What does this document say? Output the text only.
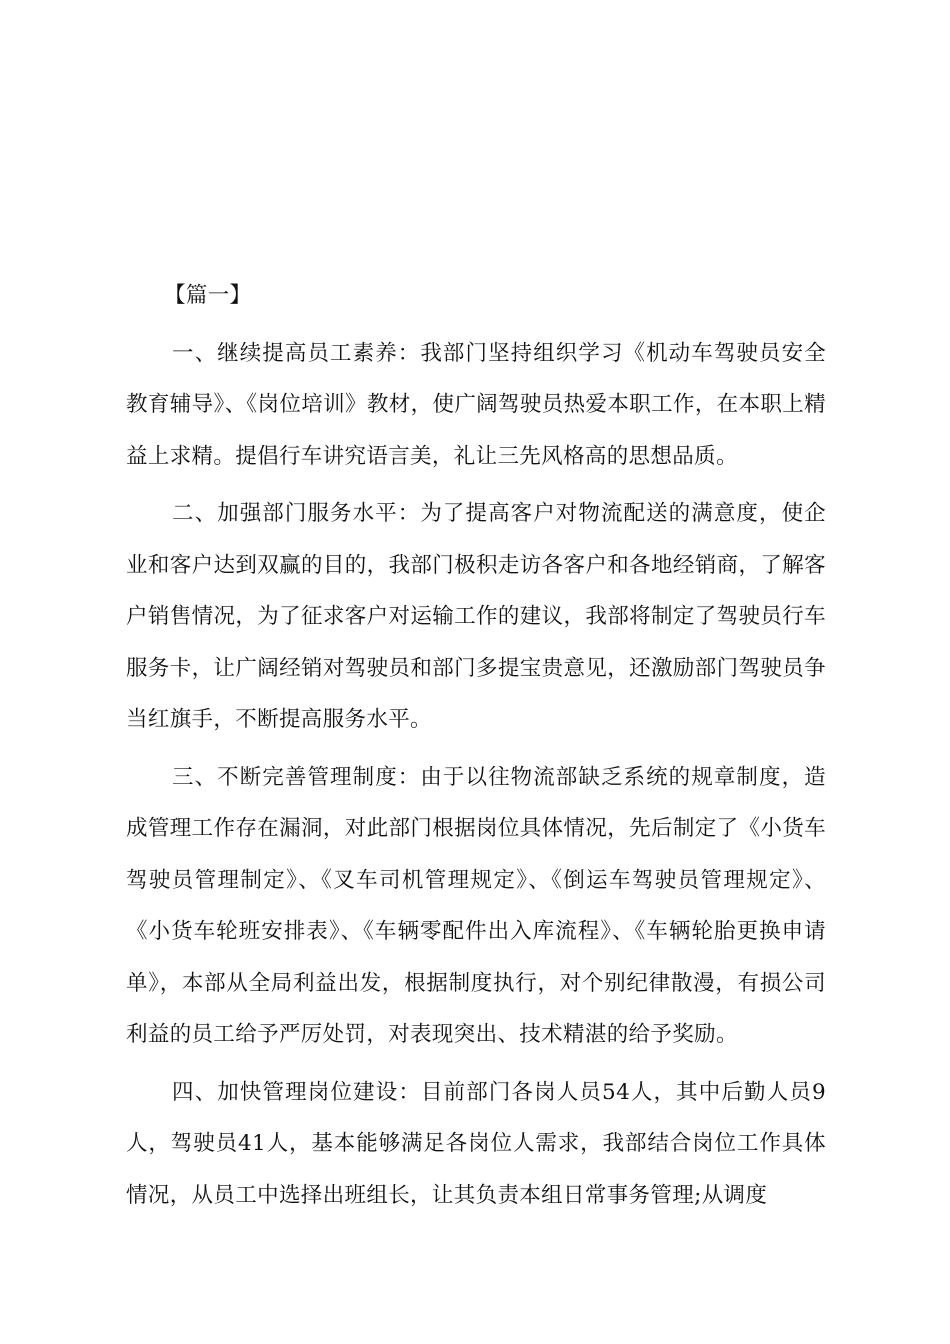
【篇一】

一、继续提高员工素养：我部门坚持组织学习《机动车驾驶员安全教育辅导》、《岗位培训》教材，使广阔驾驶员热爱本职工作，在本职上精益上求精。提倡行车讲究语言美，礼让三先风格高的思想品质。

二、加强部门服务水平：为了提高客户对物流配送的满意度，使企业和客户达到双赢的目的，我部门极积走访各客户和各地经销商，了解客户销售情况，为了征求客户对运输工作的建议，我部将制定了驾驶员行车服务卡，让广阔经销对驾驶员和部门多提宝贵意见，还激励部门驾驶员争当红旗手，不断提高服务水平。

三、不断完善管理制度：由于以往物流部缺乏系统的规章制度，造成管理工作存在漏洞，对此部门根据岗位具体情况，先后制定了《小货车驾驶员管理制定》、《叉车司机管理规定》、《倒运车驾驶员管理规定》、《小货车轮班安排表》、《车辆零配件出入库流程》、《车辆轮胎更换申请单》，本部从全局利益出发，根据制度执行，对个别纪律散漫，有损公司利益的员工给予严厉处罚，对表现突出、技术精湛的给予奖励。

四、加快管理岗位建设：目前部门各岗人员54人，其中后勤人员9人，驾驶员41人，基本能够满足各岗位人需求，我部结合岗位工作具体情况，从员工中选择出班组长，让其负责本组日常事务管理;从调度
